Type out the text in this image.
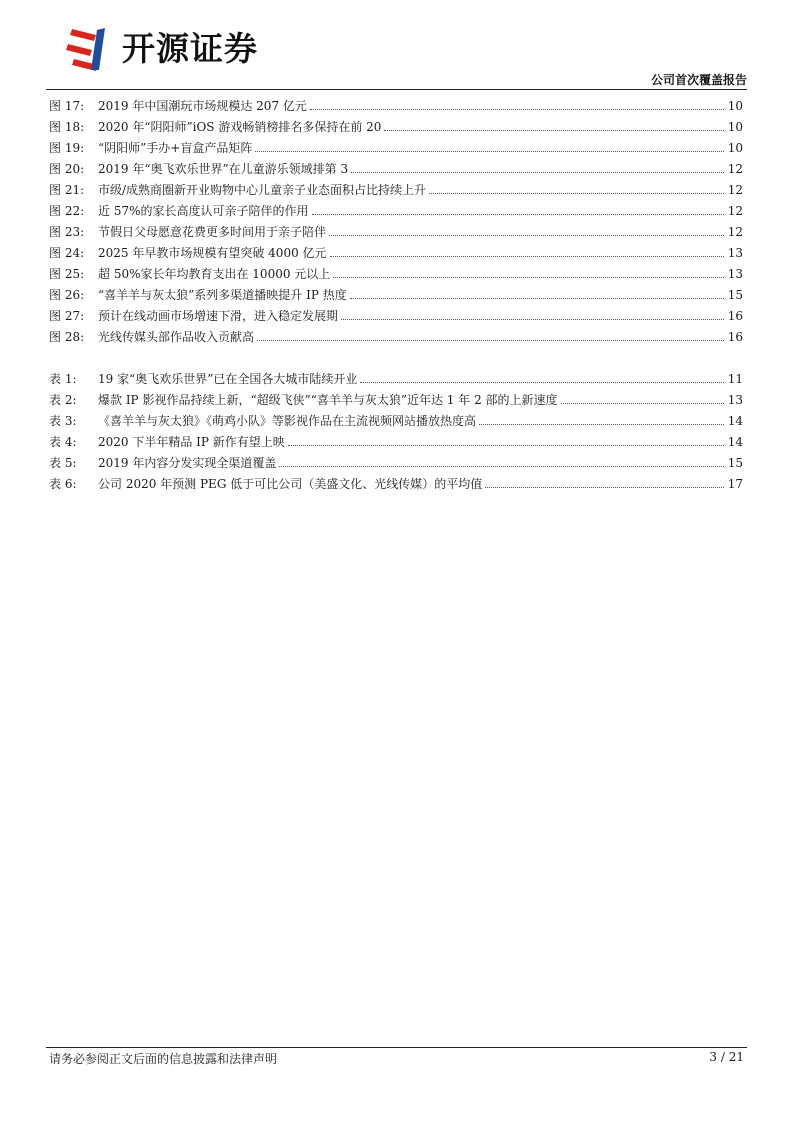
开源证券
公司首次覆盖报告
图 17:	2019 年中国潮玩市场规模达 207 亿元	10
图 18:	2020 年“阴阳师”iOS 游戏畅销榜排名多保持在前 20	10
图 19:	“阴阳师”手办+盲盒产品矩阵	10
图 20:	2019 年“奥飞欢乐世界”在儿童游乐领域排第 3	12
图 21:	市级/成熟商圈新开业购物中心儿童亲子业态面积占比持续上升	12
图 22:	近 57%的家长高度认可亲子陪伴的作用	12
图 23:	节假日父母愿意花费更多时间用于亲子陪伴	12
图 24:	2025 年早教市场规模有望突破 4000 亿元	13
图 25:	超 50%家长年均教育支出在 10000 元以上	13
图 26:	“喜羊羊与灰太狼”系列多渠道播映提升 IP 热度	15
图 27:	预计在线动画市场增速下滑，进入稳定发展期	16
图 28:	光线传媒头部作品收入贡献高	16
表 1:	19 家“奥飞欢乐世界”已在全国各大城市陆续开业	11
表 2:	爆款 IP 影视作品持续上新，“超级飞侠”“喜羊羊与灰太狼”近年达 1 年 2 部的上新速度	13
表 3:	《喜羊羊与灰太狼》《萌鸡小队》等影视作品在主流视频网站播放热度高	14
表 4:	2020 下半年精品 IP 新作有望上映	14
表 5:	2019 年内容分发实现全渠道覆盖	15
表 6:	公司 2020 年预测 PEG 低于可比公司（美盛文化、光线传媒）的平均值	17
请务必参阅正文后面的信息披露和法律声明	3 / 21
